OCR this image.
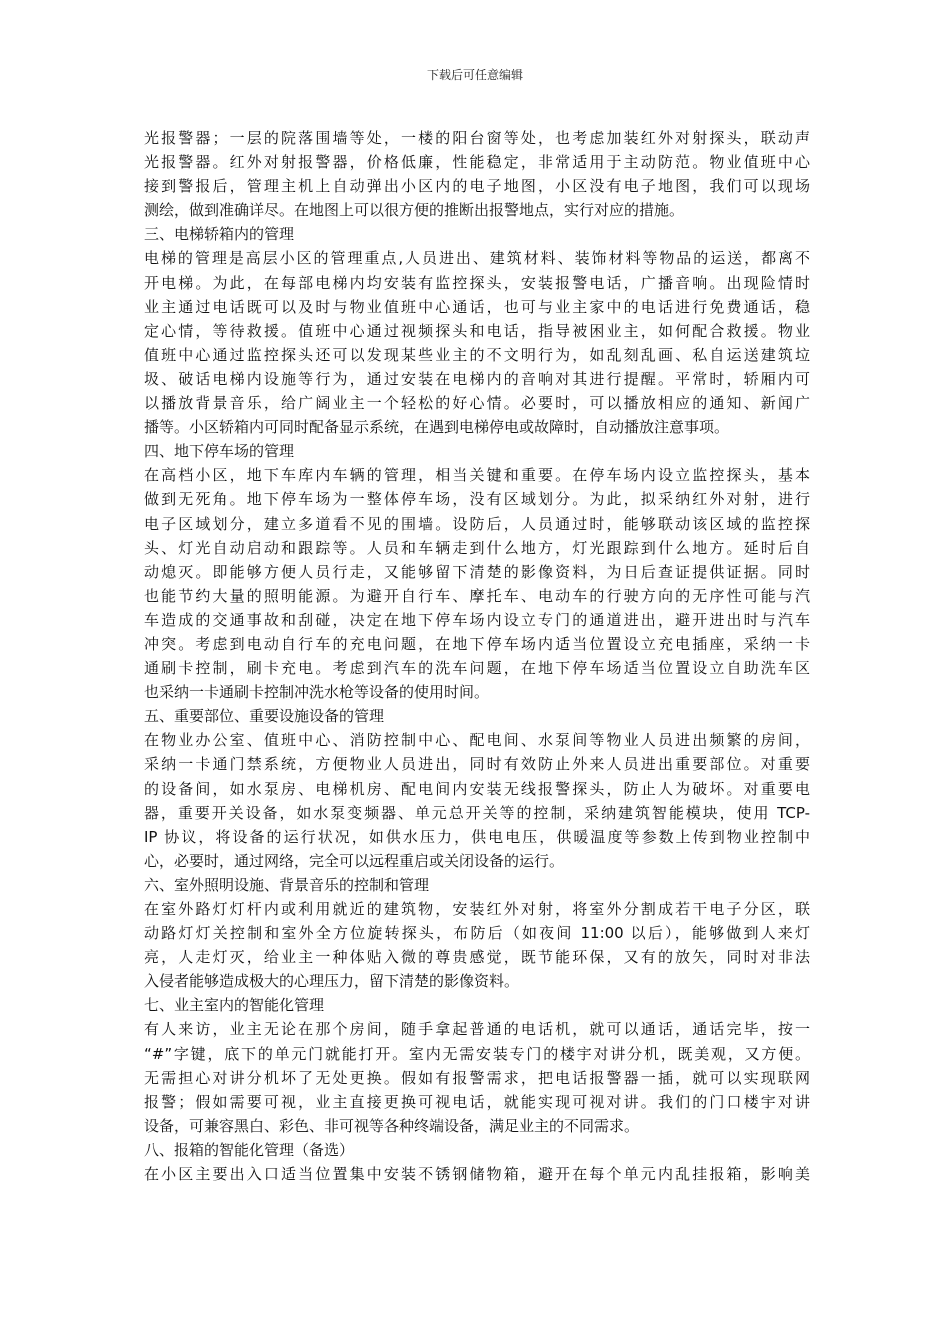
下载后可任意编辑
光报警器；一层的院落围墙等处，一楼的阳台窗等处，也考虑加装红外对射探头，联动声
光报警器。红外对射报警器，价格低廉，性能稳定，非常适用于主动防范。物业值班中心
接到警报后，管理主机上自动弹出小区内的电子地图，小区没有电子地图，我们可以现场
测绘，做到准确详尽。在地图上可以很方便的推断出报警地点，实行对应的措施。
三、电梯轿箱内的管理
电梯的管理是高层小区的管理重点,人员进出、建筑材料、装饰材料等物品的运送，都离不
开电梯。为此，在每部电梯内均安装有监控探头，安装报警电话，广播音响。出现险情时
业主通过电话既可以及时与物业值班中心通话，也可与业主家中的电话进行免费通话，稳
定心情，等待救援。值班中心通过视频探头和电话，指导被困业主，如何配合救援。物业
值班中心通过监控探头还可以发现某些业主的不文明行为，如乱刻乱画、私自运送建筑垃
圾、破话电梯内设施等行为，通过安装在电梯内的音响对其进行提醒。平常时，轿厢内可
以播放背景音乐，给广阔业主一个轻松的好心情。必要时，可以播放相应的通知、新闻广
播等。小区轿箱内可同时配备显示系统，在遇到电梯停电或故障时，自动播放注意事项。
四、地下停车场的管理
在高档小区，地下车库内车辆的管理，相当关键和重要。在停车场内设立监控探头，基本
做到无死角。地下停车场为一整体停车场，没有区域划分。为此，拟采纳红外对射，进行
电子区域划分，建立多道看不见的围墙。设防后，人员通过时，能够联动该区域的监控探
头、灯光自动启动和跟踪等。人员和车辆走到什么地方，灯光跟踪到什么地方。延时后自
动熄灭。即能够方便人员行走，又能够留下清楚的影像资料，为日后查证提供证据。同时
也能节约大量的照明能源。为避开自行车、摩托车、电动车的行驶方向的无序性可能与汽
车造成的交通事故和刮碰，决定在地下停车场内设立专门的通道进出，避开进出时与汽车
冲突。考虑到电动自行车的充电问题，在地下停车场内适当位置设立充电插座，采纳一卡
通刷卡控制，刷卡充电。考虑到汽车的洗车问题，在地下停车场适当位置设立自助洗车区
也采纳一卡通刷卡控制冲洗水枪等设备的使用时间。
五、重要部位、重要设施设备的管理
在物业办公室、值班中心、消防控制中心、配电间、水泵间等物业人员进出频繁的房间，
采纳一卡通门禁系统，方便物业人员进出，同时有效防止外来人员进出重要部位。对重要
的设备间，如水泵房、电梯机房、配电间内安装无线报警探头，防止人为破坏。对重要电
器，重要开关设备，如水泵变频器、单元总开关等的控制，采纳建筑智能模块，使用 TCP-
IP 协议，将设备的运行状况，如供水压力，供电电压，供暖温度等参数上传到物业控制中
心，必要时，通过网络，完全可以远程重启或关闭设备的运行。
六、室外照明设施、背景音乐的控制和管理
在室外路灯灯杆内或利用就近的建筑物，安装红外对射，将室外分割成若干电子分区，联
动路灯灯关控制和室外全方位旋转探头，布防后（如夜间 11:00 以后），能够做到人来灯
亮，人走灯灭，给业主一种体贴入微的尊贵感觉，既节能环保，又有的放矢，同时对非法
入侵者能够造成极大的心理压力，留下清楚的影像资料。
七、业主室内的智能化管理
有人来访，业主无论在那个房间，随手拿起普通的电话机，就可以通话，通话完毕，按一
“#”字键，底下的单元门就能打开。室内无需安装专门的楼宇对讲分机，既美观，又方便。
无需担心对讲分机坏了无处更换。假如有报警需求，把电话报警器一插，就可以实现联网
报警；假如需要可视，业主直接更换可视电话，就能实现可视对讲。我们的门口楼宇对讲
设备，可兼容黑白、彩色、非可视等各种终端设备，满足业主的不同需求。
八、报箱的智能化管理（备选）
在小区主要出入口适当位置集中安装不锈钢储物箱，避开在每个单元内乱挂报箱，影响美
